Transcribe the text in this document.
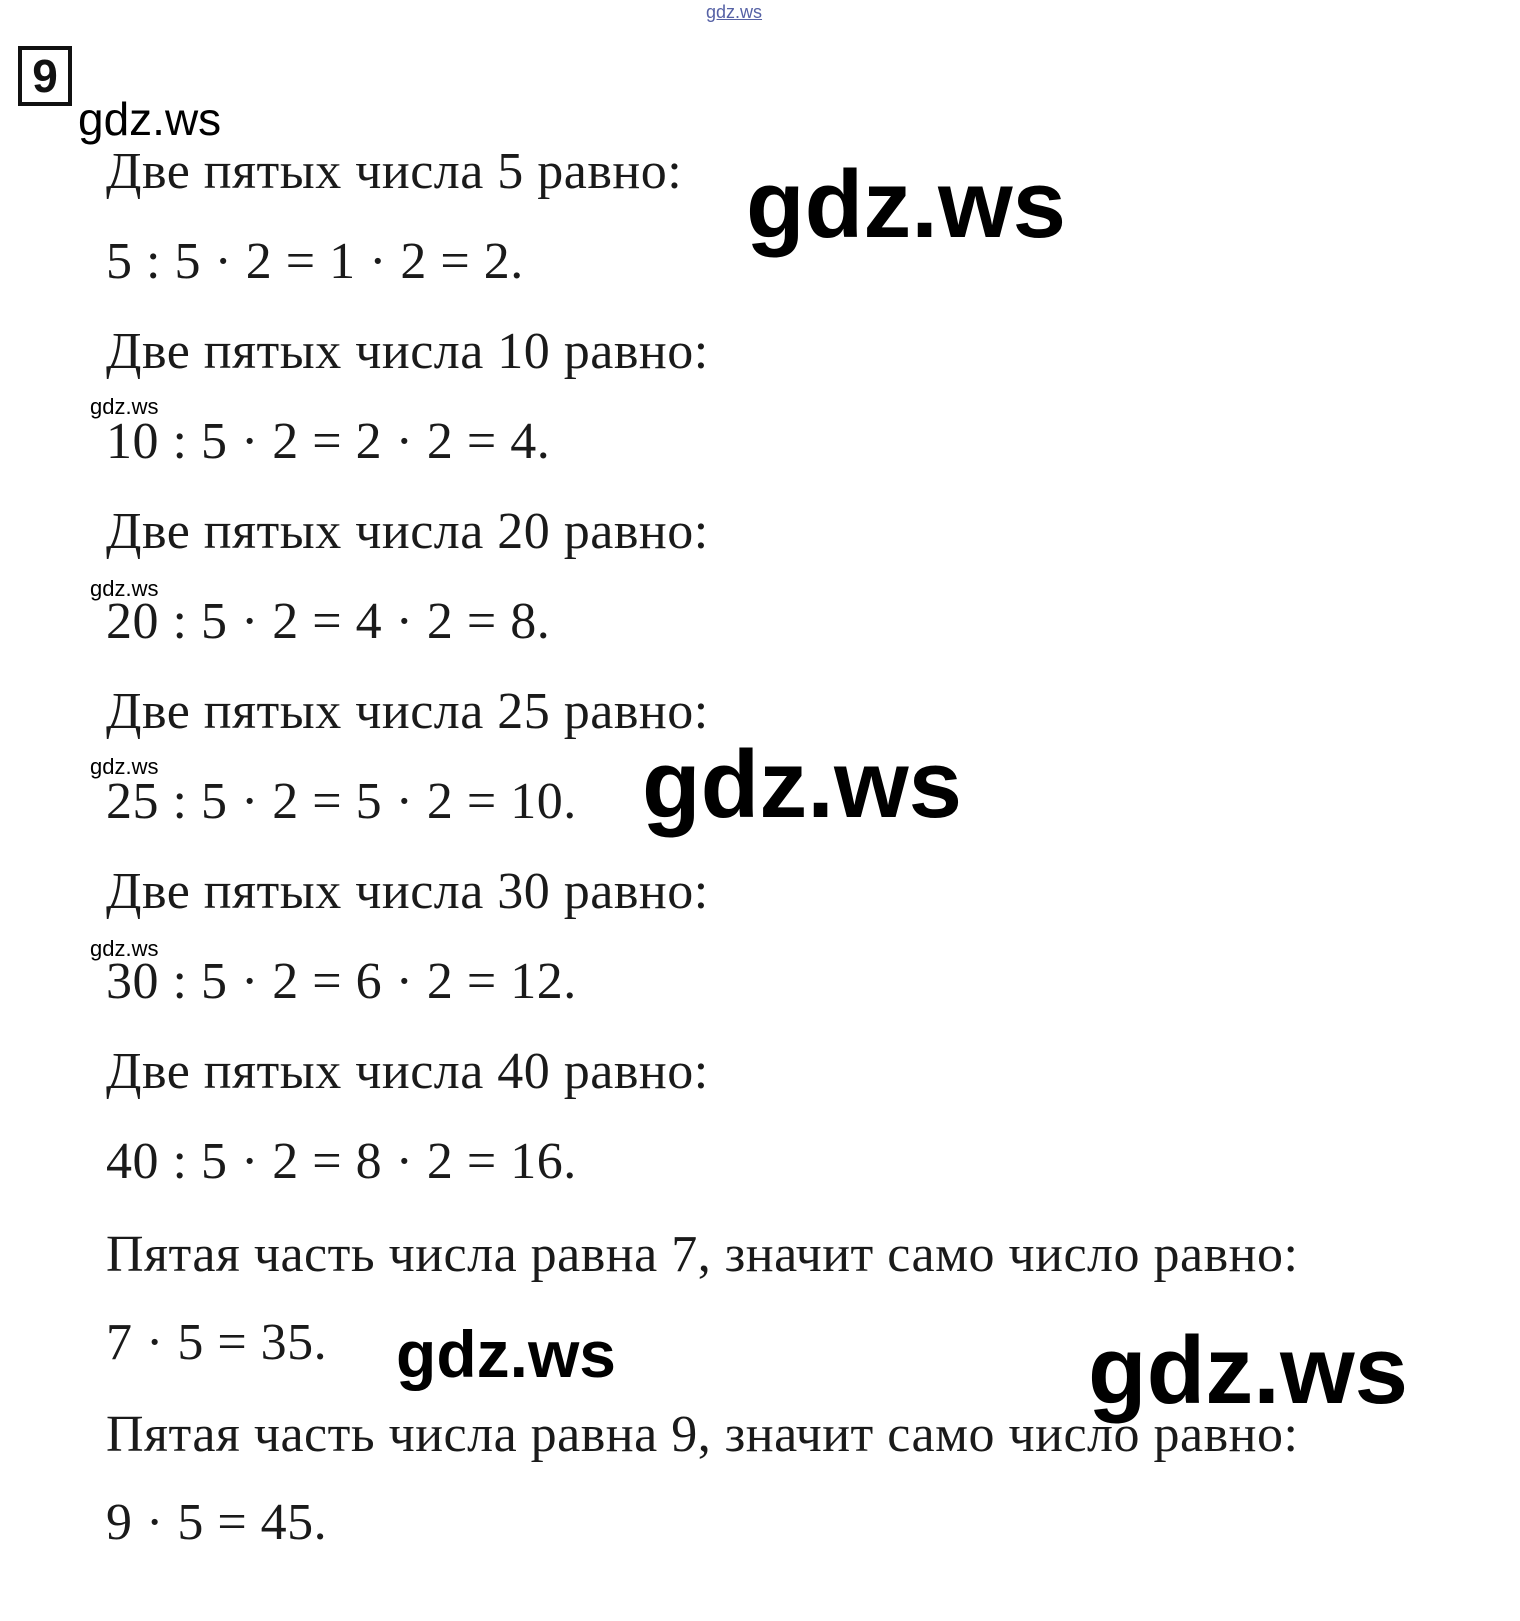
gdz.ws
9
gdz.ws
Две пятых числа 5 равно:
5 : 5 · 2 = 1 · 2 = 2.
gdz.ws
Две пятых числа 10 равно:
gdz.ws
10 : 5 · 2 = 2 · 2 = 4.
Две пятых числа 20 равно:
gdz.ws
20 : 5 · 2 = 4 · 2 = 8.
Две пятых числа 25 равно:
gdz.ws
25 : 5 · 2 = 5 · 2 = 10. gdz.ws
Две пятых числа 30 равно:
gdz.ws
30 : 5 · 2 = 6 · 2 = 12.
Две пятых числа 40 равно:
40 : 5 · 2 = 8 · 2 = 16.
Пятая часть числа равна 7, значит само число равно:
7 · 5 = 35. gdz.ws	gdz.ws
Пятая часть числа равна 9, значит само число равно:
9 · 5 = 45.
